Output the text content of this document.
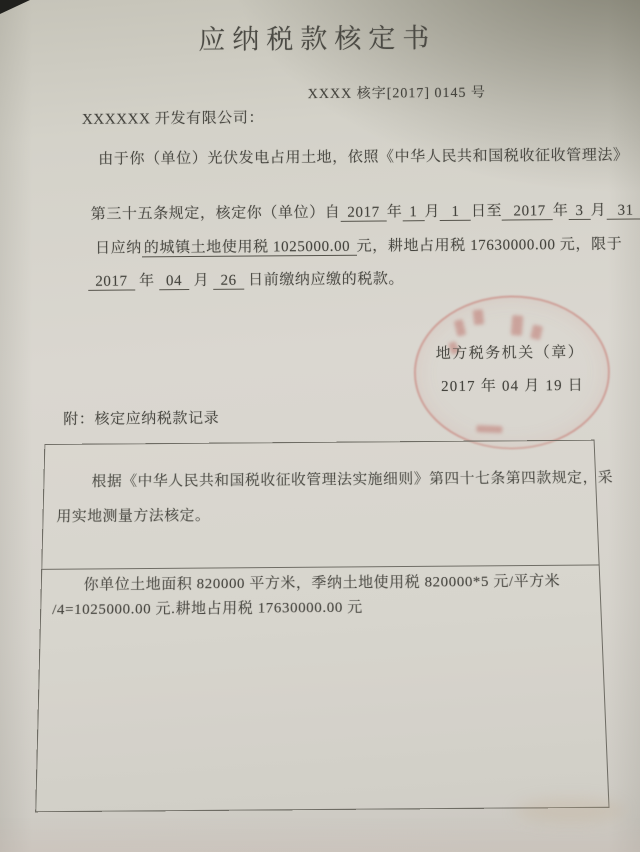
应纳税款核定书
XXXX 核字[2017] 0145 号
XXXXXX 开发有限公司：
由于你（单位）光伏发电占用土地，依照《中华人民共和国税收征收管理法》

第三十五条规定，核定你（单位）自 2017 年 1 月 1 日至 2017 年 3 月 31

日应纳 的城镇土地使用税 1025000.00 元，耕地占用税 17630000.00 元，限于

2017 年 04 月 26 日前缴纳应缴的税款。

地方税务机关（章）
2017 年 04 月 19 日
附：核定应纳税款记录
根据《中华人民共和国税收征收管理法实施细则》第四十七条第四款规定，采
用实地测量方法核定。
你单位土地面积 820000 平方米，季纳土地使用税 820000*5 元/平方米
/4=1025000.00 元.耕地占用税 17630000.00 元
